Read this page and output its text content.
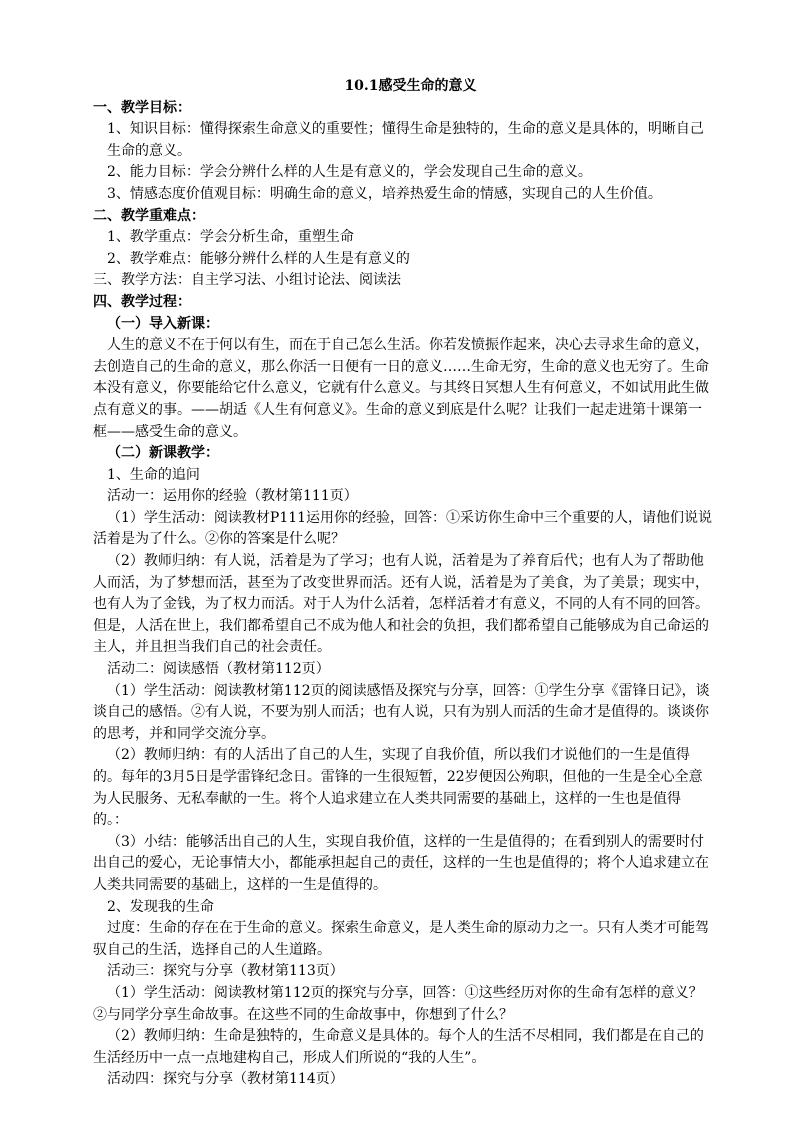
10.1感受生命的意义

一、教学目标：

1、知识目标：懂得探索生命意义的重要性；懂得生命是独特的，生命的意义是具体的，明晰自己生命的意义。

2、能力目标：学会分辨什么样的人生是有意义的，学会发现自己生命的意义。

3、情感态度价值观目标：明确生命的意义，培养热爱生命的情感，实现自己的人生价值。

二、教学重难点：

1、教学重点：学会分析生命，重塑生命

2、教学难点：能够分辨什么样的人生是有意义的

三、教学方法：自主学习法、小组讨论法、阅读法

四、教学过程：

（一）导入新课：

人生的意义不在于何以有生，而在于自己怎么生活。你若发愤振作起来，决心去寻求生命的意义，去创造自己的生命的意义，那么你活一日便有一日的意义……生命无穷，生命的意义也无穷了。生命本没有意义，你要能给它什么意义，它就有什么意义。与其终日冥想人生有何意义，不如试用此生做点有意义的事。——胡适《人生有何意义》。生命的意义到底是什么呢？让我们一起走进第十课第一框——感受生命的意义。

（二）新课教学：

1、生命的追问

活动一：运用你的经验（教材第111页）

（1）学生活动：阅读教材P111运用你的经验，回答：①采访你生命中三个重要的人，请他们说说活着是为了什么。②你的答案是什么呢？

（2）教师归纳：有人说，活着是为了学习；也有人说，活着是为了养育后代；也有人为了帮助他人而活，为了梦想而活，甚至为了改变世界而活。还有人说，活着是为了美食，为了美景；现实中，也有人为了金钱，为了权力而活。对于人为什么活着，怎样活着才有意义，不同的人有不同的回答。但是，人活在世上，我们都希望自己不成为他人和社会的负担，我们都希望自己能够成为自己命运的主人，并且担当我们自己的社会责任。

活动二：阅读感悟（教材第112页）

（1）学生活动：阅读教材第112页的阅读感悟及探究与分享，回答：①学生分享《雷锋日记》，谈谈自己的感悟。②有人说，不要为别人而活；也有人说，只有为别人而活的生命才是值得的。谈谈你的思考，并和同学交流分享。

（2）教师归纳：有的人活出了自己的人生，实现了自我价值，所以我们才说他们的一生是值得的。每年的3月5日是学雷锋纪念日。雷锋的一生很短暂，22岁便因公殉职，但他的一生是全心全意为人民服务、无私奉献的一生。将个人追求建立在人类共同需要的基础上，这样的一生也是值得的。：

（3）小结：能够活出自己的人生，实现自我价值，这样的一生是值得的；在看到别人的需要时付出自己的爱心，无论事情大小，都能承担起自己的责任，这样的一生也是值得的；将个人追求建立在人类共同需要的基础上，这样的一生是值得的。

2、发现我的生命

过度：生命的存在在于生命的意义。探索生命意义，是人类生命的原动力之一。只有人类才可能驾驭自己的生活，选择自己的人生道路。

活动三：探究与分享（教材第113页）

（1）学生活动：阅读教材第112页的探究与分享，回答：①这些经历对你的生命有怎样的意义？②与同学分享生命故事。在这些不同的生命故事中，你想到了什么？

（2）教师归纳：生命是独特的，生命意义是具体的。每个人的生活不尽相同，我们都是在自己的生活经历中一点一点地建构自己，形成人们所说的“我的人生”。

活动四：探究与分享（教材第114页）
